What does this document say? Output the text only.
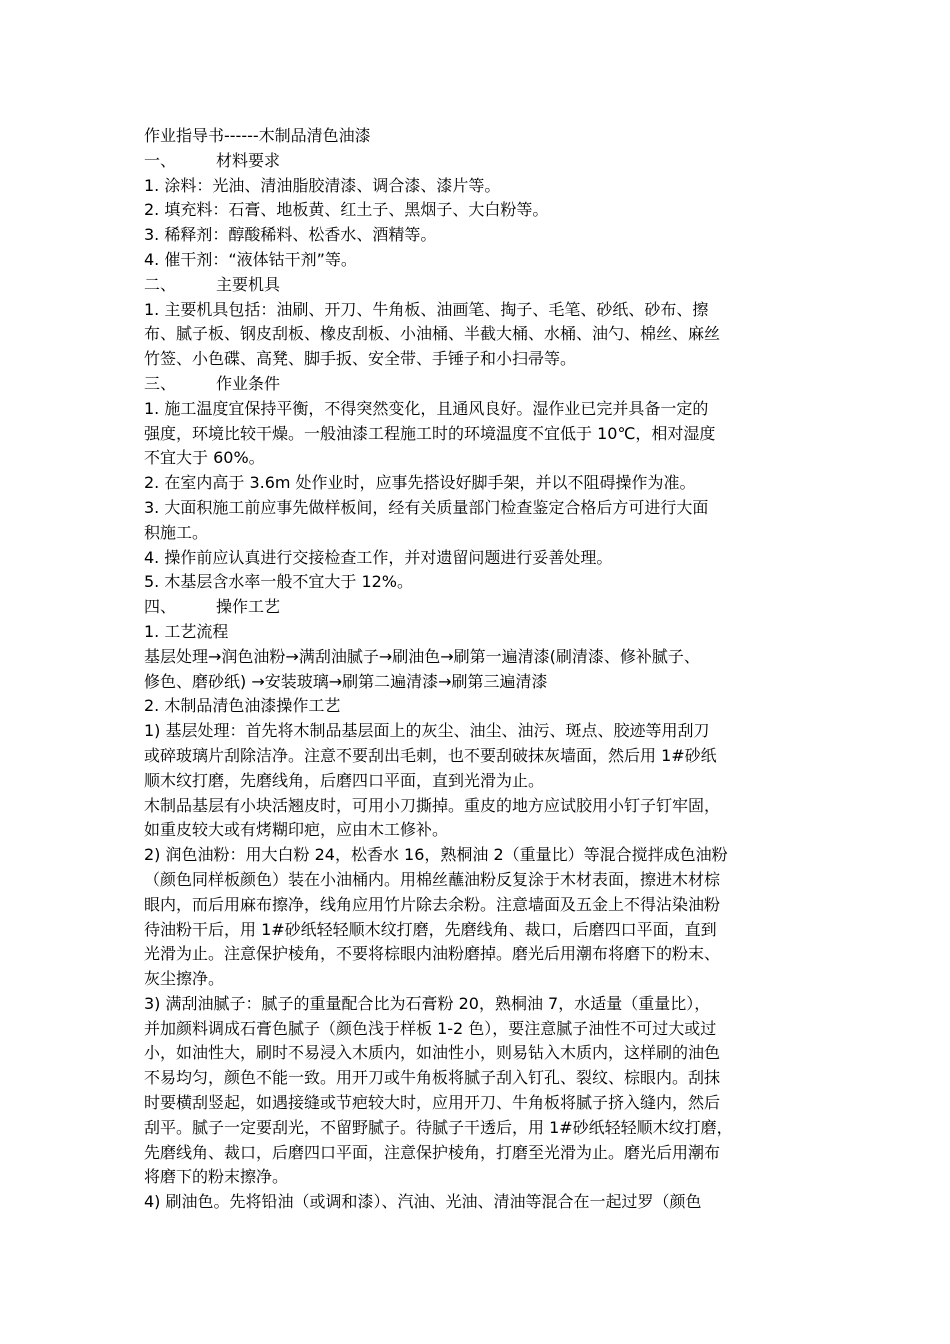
作业指导书------木制品清色油漆
一、 材料要求
1. 涂料：光油、清油脂胶清漆、调合漆、漆片等。
2. 填充料：石膏、地板黄、红土子、黑烟子、大白粉等。
3. 稀释剂：醇酸稀料、松香水、酒精等。
4. 催干剂：“液体钴干剂”等。
二、 主要机具
1. 主要机具包括：油刷、开刀、牛角板、油画笔、掏子、毛笔、砂纸、砂布、擦
布、腻子板、钢皮刮板、橡皮刮板、小油桶、半截大桶、水桶、油勺、棉丝、麻丝
竹签、小色碟、高凳、脚手扳、安全带、手锤子和小扫帚等。
三、 作业条件
1. 施工温度宜保持平衡，不得突然变化，且通风良好。湿作业已完并具备一定的
强度，环境比较干燥。一般油漆工程施工时的环境温度不宜低于 10℃，相对湿度
不宜大于 60%。
2. 在室内高于 3.6m 处作业时，应事先搭设好脚手架，并以不阻碍操作为准。
3. 大面积施工前应事先做样板间，经有关质量部门检查鉴定合格后方可进行大面
积施工。
4. 操作前应认真进行交接检查工作，并对遗留问题进行妥善处理。
5. 木基层含水率一般不宜大于 12%。
四、 操作工艺
1. 工艺流程
基层处理→润色油粉→满刮油腻子→刷油色→刷第一遍清漆(刷清漆、修补腻子、
修色、磨砂纸) →安装玻璃→刷第二遍清漆→刷第三遍清漆
2. 木制品清色油漆操作工艺
1) 基层处理：首先将木制品基层面上的灰尘、油尘、油污、斑点、胶迹等用刮刀
或碎玻璃片刮除洁净。注意不要刮出毛刺，也不要刮破抹灰墙面，然后用 1#砂纸
顺木纹打磨，先磨线角，后磨四口平面，直到光滑为止。
木制品基层有小块活翘皮时，可用小刀撕掉。重皮的地方应试胶用小钉子钉牢固，
如重皮较大或有烤糊印疤，应由木工修补。
2) 润色油粉：用大白粉 24，松香水 16，熟桐油 2（重量比）等混合搅拌成色油粉
（颜色同样板颜色）装在小油桶内。用棉丝蘸油粉反复涂于木材表面，擦进木材棕
眼内，而后用麻布擦净，线角应用竹片除去余粉。注意墙面及五金上不得沾染油粉
待油粉干后，用 1#砂纸轻轻顺木纹打磨，先磨线角、裁口，后磨四口平面，直到
光滑为止。注意保护棱角，不要将棕眼内油粉磨掉。磨光后用潮布将磨下的粉末、
灰尘擦净。
3) 满刮油腻子：腻子的重量配合比为石膏粉 20，熟桐油 7，水适量（重量比），
并加颜料调成石膏色腻子（颜色浅于样板 1-2 色），要注意腻子油性不可过大或过
小，如油性大，刷时不易浸入木质内，如油性小，则易钻入木质内，这样刷的油色
不易均匀，颜色不能一致。用开刀或牛角板将腻子刮入钉孔、裂纹、棕眼内。刮抹
时要横刮竖起，如遇接缝或节疤较大时，应用开刀、牛角板将腻子挤入缝内，然后
刮平。腻子一定要刮光，不留野腻子。待腻子干透后，用 1#砂纸轻轻顺木纹打磨，
先磨线角、裁口，后磨四口平面，注意保护棱角，打磨至光滑为止。磨光后用潮布
将磨下的粉末擦净。
4) 刷油色。先将铅油（或调和漆）、汽油、光油、清油等混合在一起过罗（颜色
